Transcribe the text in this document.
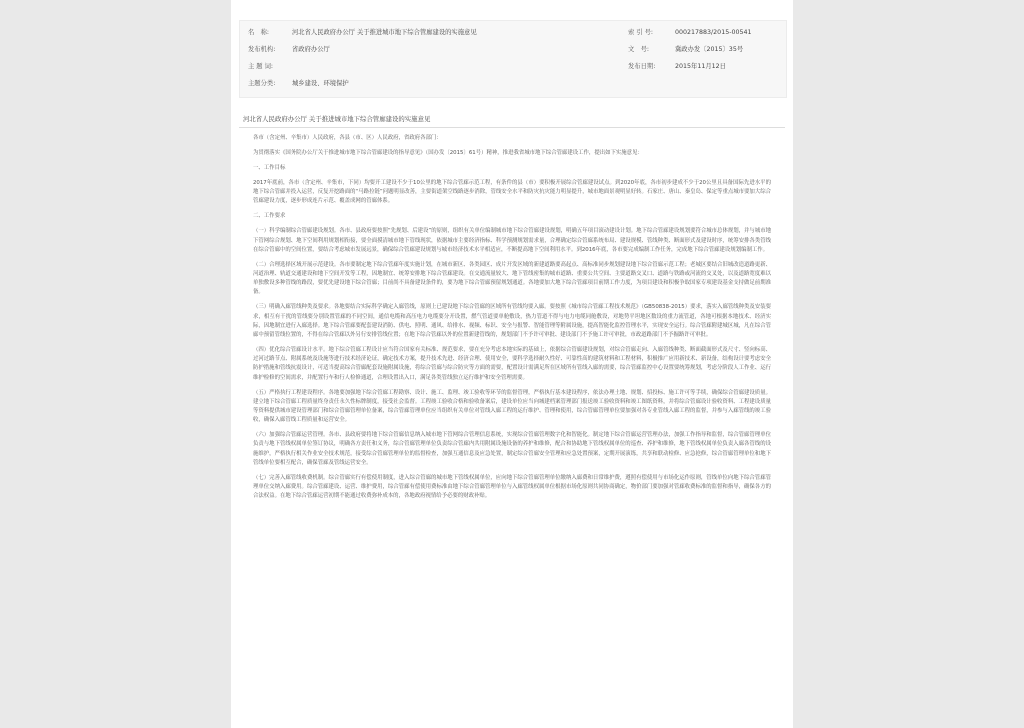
名　称:	河北省人民政府办公厅 关于推进城市地下综合管廊建设的实施意见	索 引 号:	000217883/2015-00541
发布机构:	省政府办公厅	文　号:	冀政办发〔2015〕35号
主 题 词:	发布日期:	2015年11月12日
主题分类:	城乡建设、环境保护
河北省人民政府办公厅 关于推进城市地下综合管廊建设的实施意见

各市（含定州、辛集市）人民政府，各县（市、区）人民政府，省政府各部门：

为贯彻落实《国务院办公厅关于推进城市地下综合管廊建设的指导意见》（国办发〔2015〕61号）精神，推进我省城市地下综合管廊建设工作，提出如下实施意见：

一、工作目标

2017年底前，各市（含定州、辛集市，下同）均要开工建设不少于10公里的地下综合管廊示范工程，有条件的县（市）要积极开展综合管廊建设试点。到2020年底，各市初步建成不少于20公里且具备国际先进水平的地下综合管廊并投入运营，反复开挖路面的“马路拉链”问题明显改善，主要街道架空线路逐步消除，管线安全水平和防灾抗灾能力明显提升，城市地面景观明显好转。石家庄、唐山、秦皇岛、保定等重点城市要加大综合管廊建设力度，逐步形成连片示范、覆盖成网的管廊体系。

二、工作要求

（一）科学编制综合管廊建设规划。各市、县政府要按照“先规划、后建设”的原则，组织有关单位编制城市地下综合管廊建设规划，明确五年项目滚动建设计划。地下综合管廊建设规划要符合城市总体规划，并与城市地下管网综合规划、地下空间利用规划相衔接，要全面摸清城市地下管线现状，依据城市主要经济指标、科学预测规划需求量，合理确定综合管廊系统布局、建设规模、管线种类、断面形式及建设时序，统筹安排各类管线在综合管廊中的空间位置，要结合考虑城市发展远景，确保综合管廊建设规划与城市经济技术水平相适应，不断提高地下空间利用水平。到2016年底，各市要完成编制工作任务，完成地下综合管廊建设规划编制工作。

（二）合理选择区域开展示范建设。各市要制定地下综合管廊年度实施计划，在城市新区、各类园区、成片开发区域的新建道路要高起点、高标准同步规划建设地下综合管廊示范工程；老城区要结合旧城改造道路更新、河道治理、轨道交通建设和地下空间开发等工程，因地制宜、统筹安排地下综合管廊建设。在交通流量较大、地下管线密集的城市道路、重要公共空间、主要道路交叉口、道路与铁路或河流的交叉处，以及道路宽度难以单独敷设多种管线的路段，要优先建设地下综合管廊；目前尚不具备建设条件的，要为地下综合管廊预留规划通道。各地要加大地下综合管廊项目前期工作力度，为项目建设和积极争取国家专项建设基金支持做足前期准备。

（三）明确入廊管线种类及要求。各地要结合实际科学确定入廊管线，原则上已建设地下综合管廊的区域所有管线均要入廊。要按照《城市综合管廊工程技术规范》（GB50838-2015）要求，落实入廊管线种类及安装要求，相互有干扰的管线要分别设置管廊的不同空间，通信电缆和高压电力电缆要分开设置，燃气管道要单舱敷设，热力管道不得与电力电缆同舱敷设，对地势平坦地区数设的重力流管道，各地可根据本地技术、经济实际，因地制宜进行入廊选择。地下综合管廊要配套建设消防、供电、照明、通风、给排水、视频、标识、安全与报警、智能管理等附属设施，提高智能化监控管理水平，实现安全运行。综合管廊附建城区城，凡在综合管廊中预留管线位置的，不得在综合管廊以外另行安排管线位置；在地下综合管廊以外的位置新建管线的，规划部门不予许可审批、建设部门不予施工许可审批，市政道路部门不予掘路许可审批。

（四）优化综合管廊设计水平。地下综合管廊工程设计应当符合国家有关标准、规范要求，要在充分考虑本地实际的基础上，依据综合管廊建设规划，对综合管廊走向、入廊管线种类、断面截面形式及尺寸、竖向标高、过河过路节点、附属系统及设施等进行技术经济论证，确定技术方案，提升技术先进、经济合理、使用安全，要科学选择耐久性好、可靠性高的建筑材料和工程材料，积极推广应用新技术、新设备，结构设计要考虑安全防护措施和管线抗震设计，可适当提高综合管廊配套设施附属设施，将综合管廊与综合防灾等方面的需要，配置设计需满足所在区域所有管线入廊的需要，综合管廊监控中心设置要统筹规划，考虑分阶段人工作业、运行维护检修的空间需求，并配置行车和行人检修通道，合理设置出入口，满足各类管线独立运行维护和安全管理需要。

（五）严格执行工程建设程序。各地要加强地下综合管廊工程勘察、设计、施工、监理、竣工验收等环节的监督管理，严格执行基本建设程序，依法办理土地、规划、招投标、施工许可等手续，确保综合管廊建设质量。建立地下综合管廊工程质量终身责任永久性标牌制度，接受社会监督。工程竣工验收合格和验收备案后，建设单位应当向城建档案管理部门报送竣工验收资料和竣工图纸资料，并将综合管廊设计验收资料、工程建设质量等资料提供城市建设管理部门和综合管廊管理单位备案，综合管廊管理单位应当组织有关单位对管线入廊工程的运行维护、管理和使用，综合管廊管理单位要加强对各专业管线入廊工程的监督，并参与入廊管线的竣工验收，确保入廊管线工程质量和运营安全。

（六）加强综合管廊运营管理。各市、县政府要将地下综合管廊信息纳入城市地下管网综合管理信息系统，实现综合管廊管理数字化和智能化。制定地下综合管廊运营管理办法，加强工作指导和监督，综合管廊管理单位负责与地下管线权属单位签订协议，明确各方责任和义务，综合管廊管理单位负责综合管廊内共用附属设施设备的养护和维修，配合和协助地下管线权属单位的巡查、养护和维修，地下管线权属单位负责入廊各管线的设施维护，严格执行相关作业安全技术规范，接受综合管廊管理单位的监督检查，加强互通信息及应急处置，制定综合管廊安全管理和应急处置预案，定期开展演练，共享和联动检修、应急抢修，综合管廊管理单位和地下管线单位要相互配合，确保管廊及管线运营安全。

（七）完善入廊管线收费机制。综合管廊实行有偿使用制度，进入综合管廊的城市地下管线权属单位，应向地下综合管廊管理单位缴纳入廊费和日常维护费，遵照有偿使用与市场化运作原则，管线单位向地下综合管廊管理单位交纳入廊费用。综合管廊建设、运营、维护费用，综合管廊有偿使用费标准由地下综合管廊管理单位与入廊管线权属单位根据市场化原则共同协商确定，物价部门要加强对管廊收费标准的监督和指导，确保各方的合法权益。在地下综合管廊运营初期不能通过收费弥补成本的，各地政府视情给予必要的财政补贴。
